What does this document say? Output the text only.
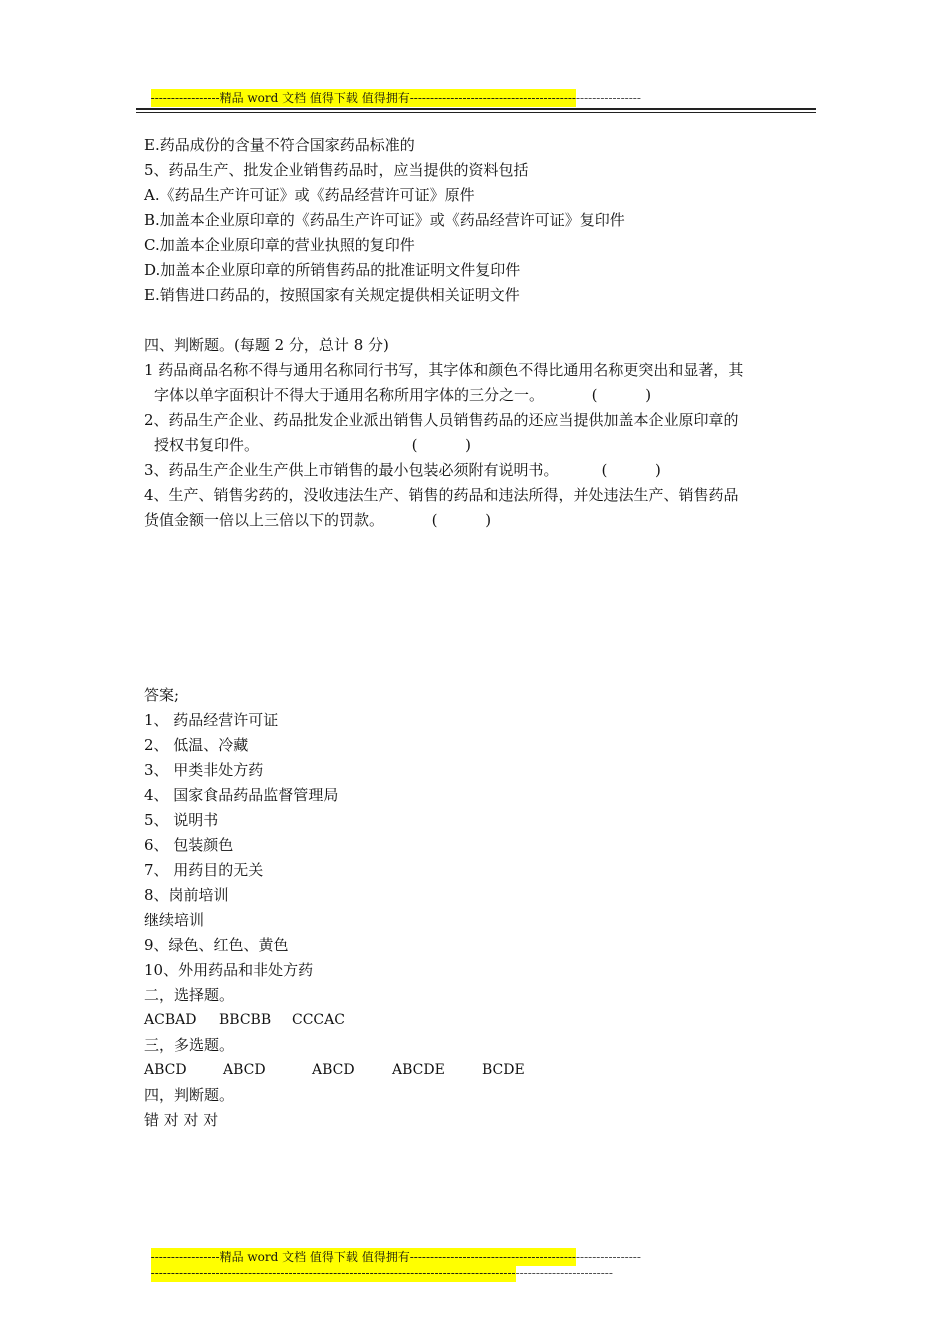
-----------------精品 word 文档 值得下载 值得拥有---------------------------------------------------------

E.药品成份的含量不符合国家药品标准的
5、药品生产、批发企业销售药品时，应当提供的资料包括
A.《药品生产许可证》或《药品经营许可证》原件
B.加盖本企业原印章的《药品生产许可证》或《药品经营许可证》复印件
C.加盖本企业原印章的营业执照的复印件
D.加盖本企业原印章的所销售药品的批准证明文件复印件
E.销售进口药品的，按照国家有关规定提供相关证明文件
四、判断题。(每题 2 分，总计 8 分)
1 药品商品名称不得与通用名称同行书写，其字体和颜色不得比通用名称更突出和显著，其
字体以单字面积计不得大于通用名称所用字体的三分之一。          (          )
2、药品生产企业、药品批发企业派出销售人员销售药品的还应当提供加盖本企业原印章的
授权书复印件。                                (          )
3、药品生产企业生产供上市销售的最小包装必须附有说明书。         (          )
4、生产、销售劣药的，没收违法生产、销售的药品和违法所得，并处违法生产、销售药品
货值金额一倍以上三倍以下的罚款。          (          )
答案;
1、 药品经营许可证
2、 低温、冷藏
3、 甲类非处方药
4、 国家食品药品监督管理局
5、 说明书
6、 包装颜色
7、 用药目的无关
8、岗前培训
继续培训
9、绿色、红色、黄色
10、外用药品和非处方药
二，选择题。
ACBAD	BBCBB	CCCAC
三，多选题。
ABCD	ABCD	ABCD	ABCDE	BCDE
四，判断题。
错 对 对 对

-----------------精品 word 文档 值得下载 值得拥有---------------------------------------------------------

------------------------------------------------------------------------------------------------------------------
